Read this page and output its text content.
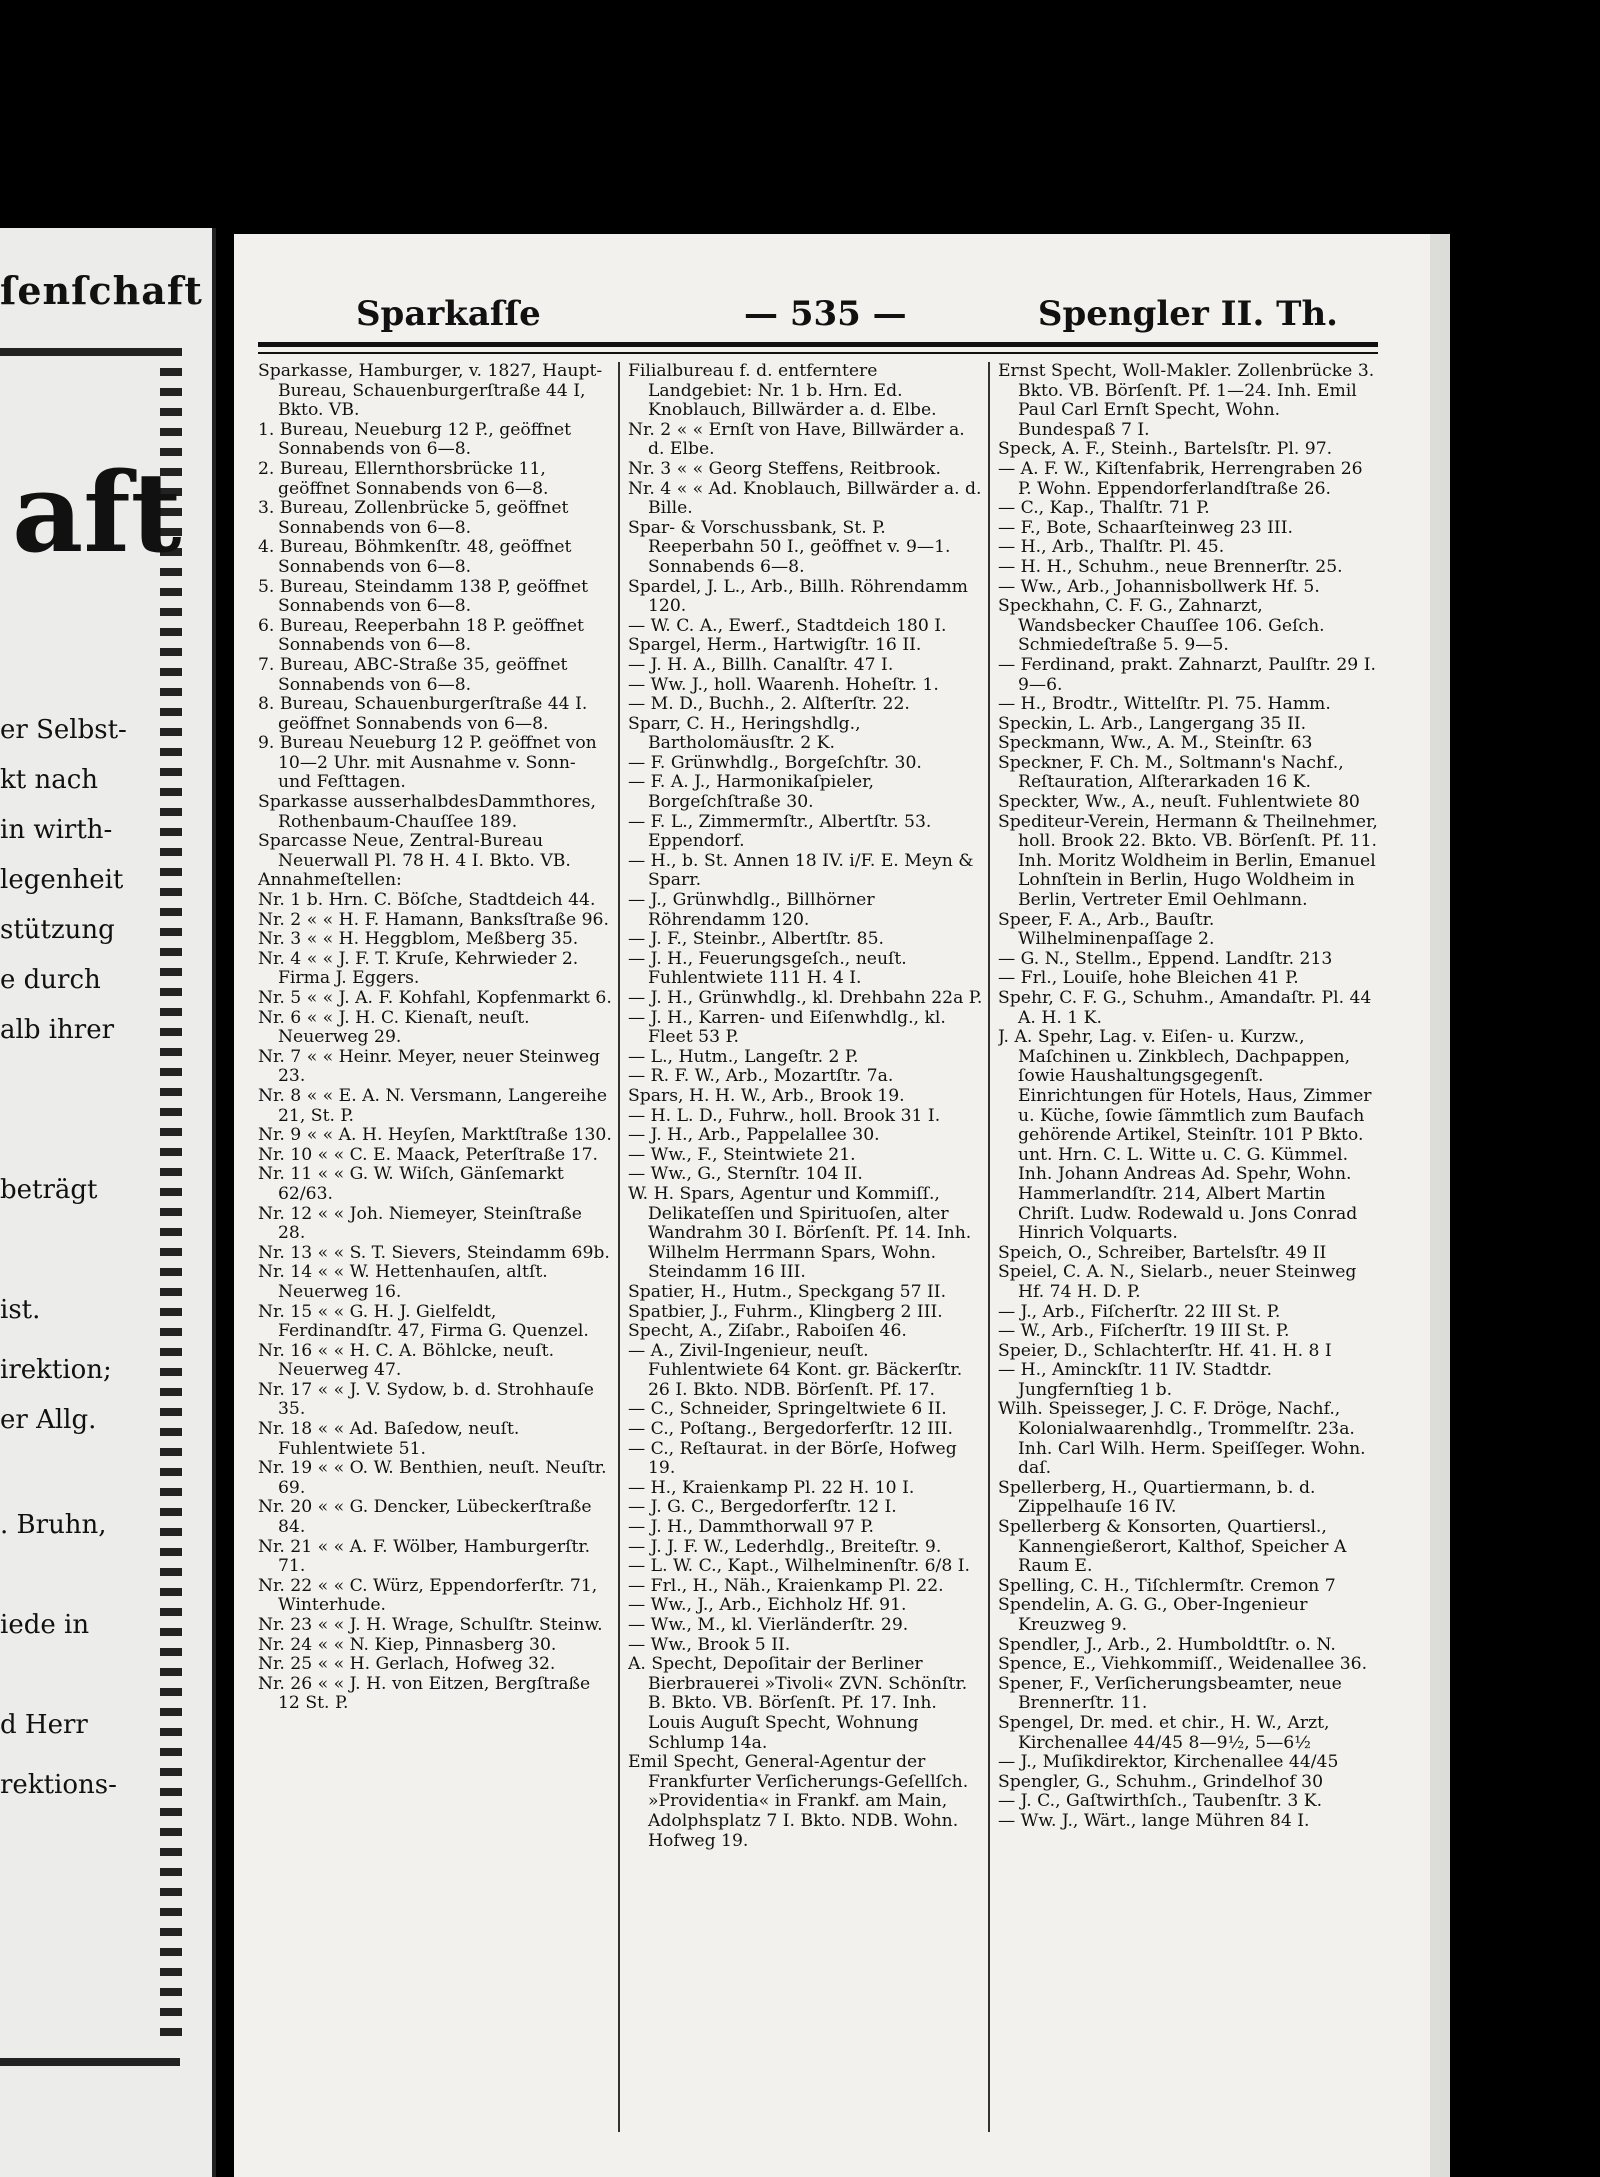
ſenſchaft
aft
er Selbst-
kt nach
in wirth-
legenheit
stützung
e durch
alb ihrer
beträgt
ist.
irektion;
er Allg.
. Bruhn,
iede in
d Herr
rektions-
Sparkaſſe	— 535 —	Spengler II. Th.
Sparkasse, Hamburger, v. 1827, Haupt-Bureau, Schauenburgerſtraße 44 I, Bkto. VB.
1. Bureau, Neueburg 12 P., geöffnet Sonnabends von 6—8.
2. Bureau, Ellernthorsbrücke 11, geöffnet Sonnabends von 6—8.
3. Bureau, Zollenbrücke 5, geöffnet Sonnabends von 6—8.
4. Bureau, Böhmkenſtr. 48, geöffnet Sonnabends von 6—8.
5. Bureau, Steindamm 138 P, geöffnet Sonnabends von 6—8.
6. Bureau, Reeperbahn 18 P. geöffnet Sonnabends von 6—8.
7. Bureau, ABC-Straße 35, geöffnet Sonnabends von 6—8.
8. Bureau, Schauenburgerſtraße 44 I. geöffnet Sonnabends von 6—8.
9. Bureau Neueburg 12 P. geöffnet von 10—2 Uhr. mit Ausnahme v. Sonn- und Feſttagen.
Sparkasse ausserhalbdesDammthores, Rothenbaum-Chauſſee 189.
Sparcasse Neue, Zentral-Bureau Neuerwall Pl. 78 H. 4 I. Bkto. VB.
Annahmeſtellen:
Nr. 1 b. Hrn. C. Böſche, Stadtdeich 44.
Nr. 2 « « H. F. Hamann, Banksſtraße 96.
Nr. 3 « « H. Heggblom, Meßberg 35.
Nr. 4 « « J. F. T. Kruſe, Kehrwieder 2. Firma J. Eggers.
Nr. 5 « « J. A. F. Kohfahl, Kopfenmarkt 6.
Nr. 6 « « J. H. C. Kienaſt, neuſt. Neuerweg 29.
Nr. 7 « « Heinr. Meyer, neuer Steinweg 23.
Nr. 8 « « E. A. N. Versmann, Langereihe 21, St. P.
Nr. 9 « « A. H. Heyſen, Marktſtraße 130.
Nr. 10 « « C. E. Maack, Peterſtraße 17.
Nr. 11 « « G. W. Wiſch, Gänſemarkt 62/63.
Nr. 12 « « Joh. Niemeyer, Steinſtraße 28.
Nr. 13 « « S. T. Sievers, Steindamm 69b.
Nr. 14 « « W. Hettenhauſen, altſt. Neuerweg 16.
Nr. 15 « « G. H. J. Gielfeldt, Ferdinandſtr. 47, Firma G. Quenzel.
Nr. 16 « « H. C. A. Böhlcke, neuſt. Neuerweg 47.
Nr. 17 « « J. V. Sydow, b. d. Strohhauſe 35.
Nr. 18 « « Ad. Baſedow, neuſt. Fuhlentwiete 51.
Nr. 19 « « O. W. Benthien, neuſt. Neuſtr. 69.
Nr. 20 « « G. Dencker, Lübeckerſtraße 84.
Nr. 21 « « A. F. Wölber, Hamburgerſtr. 71.
Nr. 22 « « C. Würz, Eppendorferſtr. 71, Winterhude.
Nr. 23 « « J. H. Wrage, Schulſtr. Steinw.
Nr. 24 « « N. Kiep, Pinnasberg 30.
Nr. 25 « « H. Gerlach, Hofweg 32.
Nr. 26 « « J. H. von Eitzen, Bergſtraße 12 St. P.
Filialbureau f. d. entferntere Landgebiet: Nr. 1 b. Hrn. Ed. Knoblauch, Billwärder a. d. Elbe.
Nr. 2 « « Ernſt von Have, Billwärder a. d. Elbe.
Nr. 3 « « Georg Steffens, Reitbrook.
Nr. 4 « « Ad. Knoblauch, Billwärder a. d. Bille.
Spar- & Vorschussbank, St. P. Reeperbahn 50 I., geöffnet v. 9—1. Sonnabends 6—8.
Spardel, J. L., Arb., Billh. Röhrendamm 120.
— W. C. A., Ewerf., Stadtdeich 180 I.
Spargel, Herm., Hartwigſtr. 16 II.
— J. H. A., Billh. Canalſtr. 47 I.
— Ww. J., holl. Waarenh. Hoheſtr. 1.
— M. D., Buchh., 2. Alſterſtr. 22.
Sparr, C. H., Heringshdlg., Bartholomäusſtr. 2 K.
— F. Grünwhdlg., Borgeſchſtr. 30.
— F. A. J., Harmonikaſpieler, Borgeſchſtraße 30.
— F. L., Zimmermſtr., Albertſtr. 53. Eppendorf.
— H., b. St. Annen 18 IV. i/F. E. Meyn & Sparr.
— J., Grünwhdlg., Billhörner Röhrendamm 120.
— J. F., Steinbr., Albertſtr. 85.
— J. H., Feuerungsgeſch., neuſt. Fuhlentwiete 111 H. 4 I.
— J. H., Grünwhdlg., kl. Drehbahn 22a P.
— J. H., Karren- und Eiſenwhdlg., kl. Fleet 53 P.
— L., Hutm., Langeſtr. 2 P.
— R. F. W., Arb., Mozartſtr. 7a.
Spars, H. H. W., Arb., Brook 19.
— H. L. D., Fuhrw., holl. Brook 31 I.
— J. H., Arb., Pappelallee 30.
— Ww., F., Steintwiete 21.
— Ww., G., Sternſtr. 104 II.
W. H. Spars, Agentur und Kommiſſ., Delikateſſen und Spirituoſen, alter Wandrahm 30 I. Börſenſt. Pf. 14. Inh. Wilhelm Herrmann Spars, Wohn. Steindamm 16 III.
Spatier, H., Hutm., Speckgang 57 II.
Spatbier, J., Fuhrm., Klingberg 2 III.
Specht, A., Ziſabr., Raboiſen 46.
— A., Zivil-Ingenieur, neuſt. Fuhlentwiete 64 Kont. gr. Bäckerſtr. 26 I. Bkto. NDB. Börſenſt. Pf. 17.
— C., Schneider, Springeltwiete 6 II.
— C., Poſtang., Bergedorferſtr. 12 III.
— C., Reſtaurat. in der Börſe, Hofweg 19.
— H., Kraienkamp Pl. 22 H. 10 I.
— J. G. C., Bergedorferſtr. 12 I.
— J. H., Dammthorwall 97 P.
— J. J. F. W., Lederhdlg., Breiteſtr. 9.
— L. W. C., Kapt., Wilhelminenſtr. 6/8 I.
— Frl., H., Näh., Kraienkamp Pl. 22.
— Ww., J., Arb., Eichholz Hf. 91.
— Ww., M., kl. Vierländerſtr. 29.
— Ww., Brook 5 II.
A. Specht, Depoſitair der Berliner Bierbrauerei »Tivoli« ZVN. Schönſtr. B. Bkto. VB. Börſenſt. Pf. 17. Inh. Louis Auguſt Specht, Wohnung Schlump 14a.
Emil Specht, General-Agentur der Frankfurter Verſicherungs-Geſellſch. »Providentia« in Frankf. am Main, Adolphsplatz 7 I. Bkto. NDB. Wohn. Hofweg 19.
Ernst Specht, Woll-Makler. Zollenbrücke 3. Bkto. VB. Börſenſt. Pf. 1—24. Inh. Emil Paul Carl Ernſt Specht, Wohn. Bundespaß 7 I.
Speck, A. F., Steinh., Bartelsſtr. Pl. 97.
— A. F. W., Kiſtenfabrik, Herrengraben 26 P. Wohn. Eppendorferlandſtraße 26.
— C., Kap., Thalſtr. 71 P.
— F., Bote, Schaarſteinweg 23 III.
— H., Arb., Thalſtr. Pl. 45.
— H. H., Schuhm., neue Brennerſtr. 25.
— Ww., Arb., Johannisbollwerk Hf. 5.
Speckhahn, C. F. G., Zahnarzt, Wandsbecker Chauſſee 106. Geſch. Schmiedeſtraße 5. 9—5.
— Ferdinand, prakt. Zahnarzt, Paulſtr. 29 I. 9—6.
— H., Brodtr., Wittelſtr. Pl. 75. Hamm.
Speckin, L. Arb., Langergang 35 II.
Speckmann, Ww., A. M., Steinſtr. 63
Speckner, F. Ch. M., Soltmann's Nachf., Reſtauration, Alſterarkaden 16 K.
Speckter, Ww., A., neuſt. Fuhlentwiete 80
Spediteur-Verein, Hermann & Theilnehmer, holl. Brook 22. Bkto. VB. Börſenſt. Pf. 11. Inh. Moritz Woldheim in Berlin, Emanuel Lohnſtein in Berlin, Hugo Woldheim in Berlin, Vertreter Emil Oehlmann.
Speer, F. A., Arb., Bauſtr. Wilhelminenpaſſage 2.
— G. N., Stellm., Eppend. Landſtr. 213
— Frl., Louiſe, hohe Bleichen 41 P.
Spehr, C. F. G., Schuhm., Amandaſtr. Pl. 44 A. H. 1 K.
J. A. Spehr, Lag. v. Eiſen- u. Kurzw., Maſchinen u. Zinkblech, Dachpappen, ſowie Haushaltungsgegenſt. Einrichtungen für Hotels, Haus, Zimmer u. Küche, ſowie ſämmtlich zum Baufach gehörende Artikel, Steinſtr. 101 P Bkto. unt. Hrn. C. L. Witte u. C. G. Kümmel. Inh. Johann Andreas Ad. Spehr, Wohn. Hammerlandſtr. 214, Albert Martin Chriſt. Ludw. Rodewald u. Jons Conrad Hinrich Volquarts.
Speich, O., Schreiber, Bartelsſtr. 49 II
Speiel, C. A. N., Sielarb., neuer Steinweg Hf. 74 H. D. P.
— J., Arb., Fiſcherſtr. 22 III St. P.
— W., Arb., Fiſcherſtr. 19 III St. P.
Speier, D., Schlachterſtr. Hf. 41. H. 8 I
— H., Aminckſtr. 11 IV. Stadtdr. Jungfernſtieg 1 b.
Wilh. Speisseger, J. C. F. Dröge, Nachf., Kolonialwaarenhdlg., Trommelſtr. 23a. Inh. Carl Wilh. Herm. Speiſſeger. Wohn. daſ.
Spellerberg, H., Quartiermann, b. d. Zippelhauſe 16 IV.
Spellerberg & Konsorten, Quartiersl., Kannengießerort, Kalthof, Speicher A Raum E.
Spelling, C. H., Tiſchlermſtr. Cremon 7
Spendelin, A. G. G., Ober-Ingenieur Kreuzweg 9.
Spendler, J., Arb., 2. Humboldtſtr. o. N.
Spence, E., Viehkommiſſ., Weidenallee 36.
Spener, F., Verſicherungsbeamter, neue Brennerſtr. 11.
Spengel, Dr. med. et chir., H. W., Arzt, Kirchenallee 44/45 8—9½, 5—6½
— J., Muſikdirektor, Kirchenallee 44/45
Spengler, G., Schuhm., Grindelhof 30
— J. C., Gaſtwirthſch., Taubenſtr. 3 K.
— Ww. J., Wärt., lange Mühren 84 I.
